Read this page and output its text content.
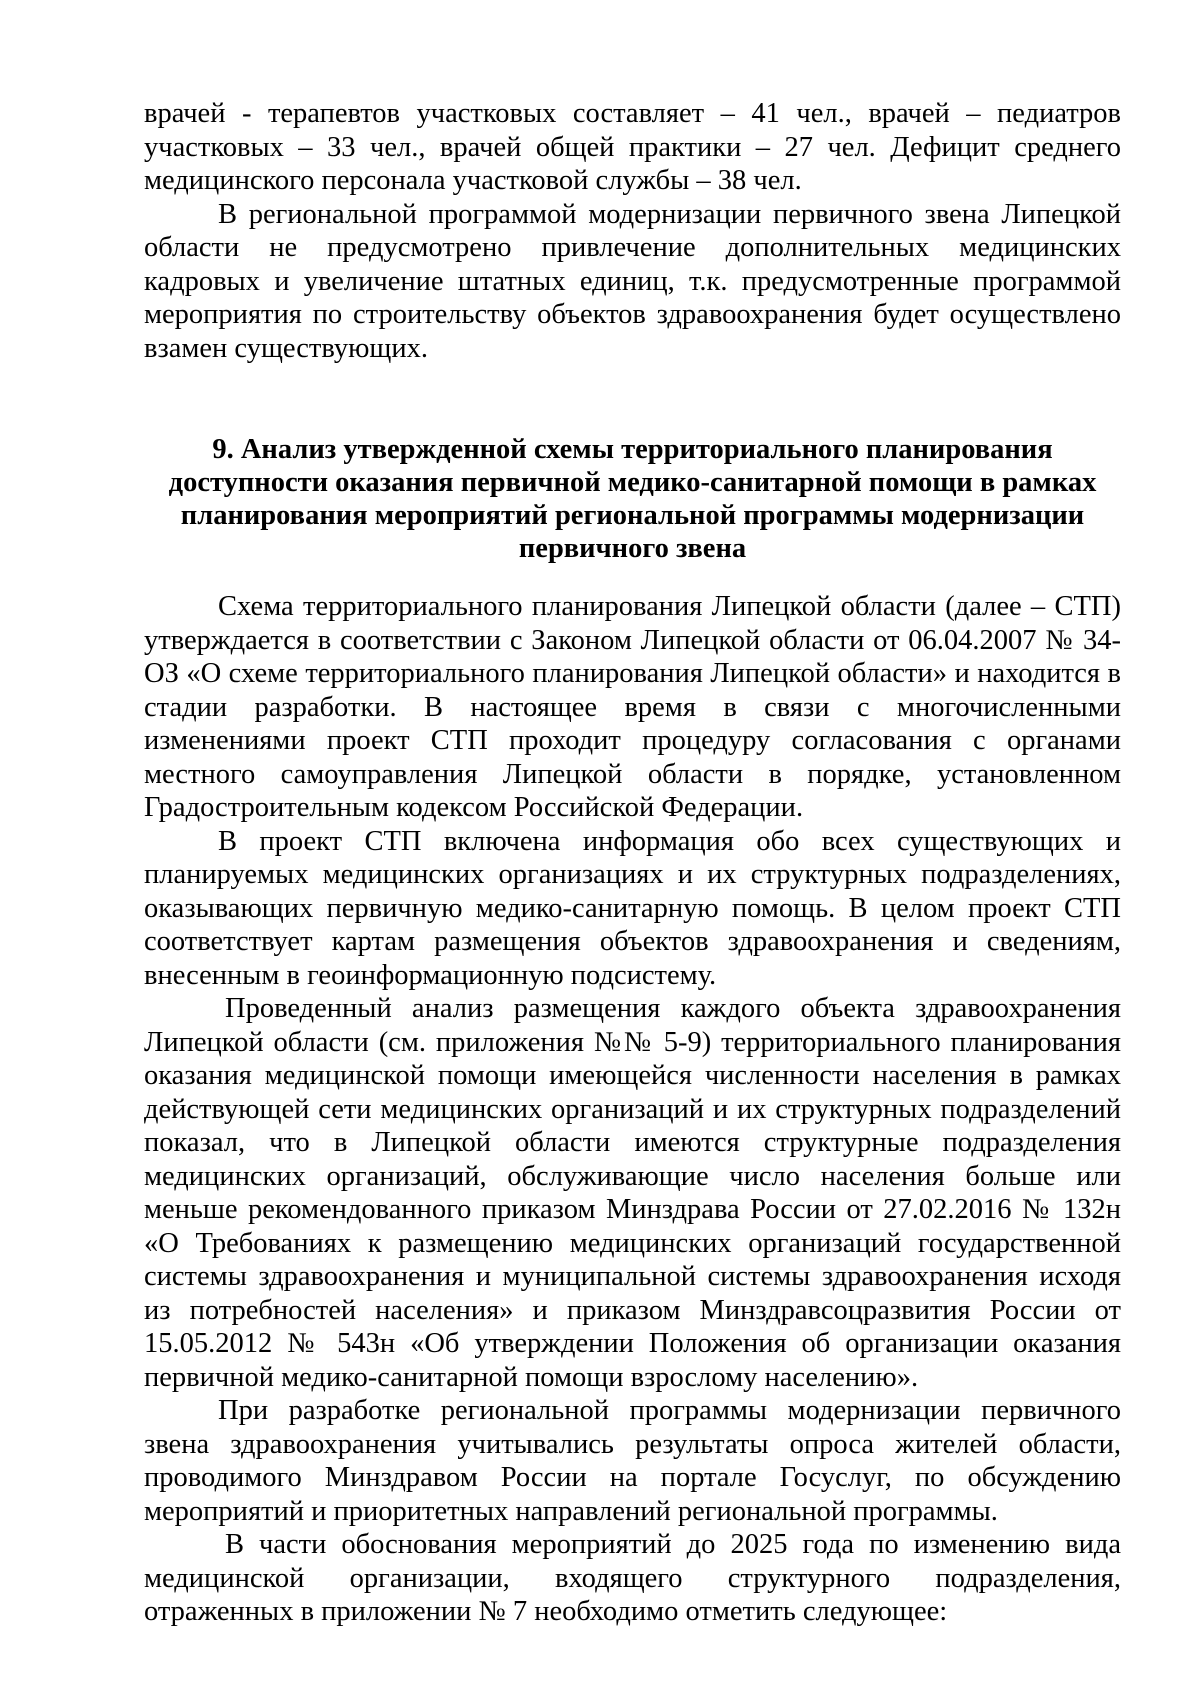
врачей - терапевтов участковых составляет – 41 чел., врачей – педиатров участковых – 33 чел., врачей общей практики – 27 чел. Дефицит среднего медицинского персонала участковой службы – 38 чел.

В региональной программой модернизации первичного звена Липецкой области не предусмотрено привлечение дополнительных медицинских кадровых и увеличение штатных единиц, т.к. предусмотренные программой мероприятия по строительству объектов здравоохранения будет осуществлено взамен существующих.

9. Анализ утвержденной схемы территориального планирования
доступности оказания первичной медико-санитарной помощи в рамках
планирования мероприятий региональной программы модернизации
первичного звена

Схема территориального планирования Липецкой области (далее – СТП) утверждается в соответствии с Законом Липецкой области от 06.04.2007 № 34-ОЗ «О схеме территориального планирования Липецкой области» и находится в стадии разработки. В настоящее время в связи с многочисленными изменениями проект СТП проходит процедуру согласования с органами местного самоуправления Липецкой области в порядке, установленном Градостроительным кодексом Российской Федерации.

В проект СТП включена информация обо всех существующих и планируемых медицинских организациях и их структурных подразделениях, оказывающих первичную медико-санитарную помощь. В целом проект СТП соответствует картам размещения объектов здравоохранения и сведениям, внесенным в геоинформационную подсистему.

Проведенный анализ размещения каждого объекта здравоохранения Липецкой области (см. приложения №№ 5-9) территориального планирования оказания медицинской помощи имеющейся численности населения в рамках действующей сети медицинских организаций и их структурных подразделений показал, что в Липецкой области имеются структурные подразделения медицинских организаций, обслуживающие число населения больше или меньше рекомендованного приказом Минздрава России от 27.02.2016 № 132н «О Требованиях к размещению медицинских организаций государственной системы здравоохранения и муниципальной системы здравоохранения исходя из потребностей населения» и приказом Минздравсоцразвития России от 15.05.2012 № 543н «Об утверждении Положения об организации оказания первичной медико-санитарной помощи взрослому населению».

При разработке региональной программы модернизации первичного звена здравоохранения учитывались результаты опроса жителей области, проводимого Минздравом России на портале Госуслуг, по обсуждению мероприятий и приоритетных направлений региональной программы.

В части обоснования мероприятий до 2025 года по изменению вида медицинской организации, входящего структурного подразделения, отраженных в приложении № 7 необходимо отметить следующее:
